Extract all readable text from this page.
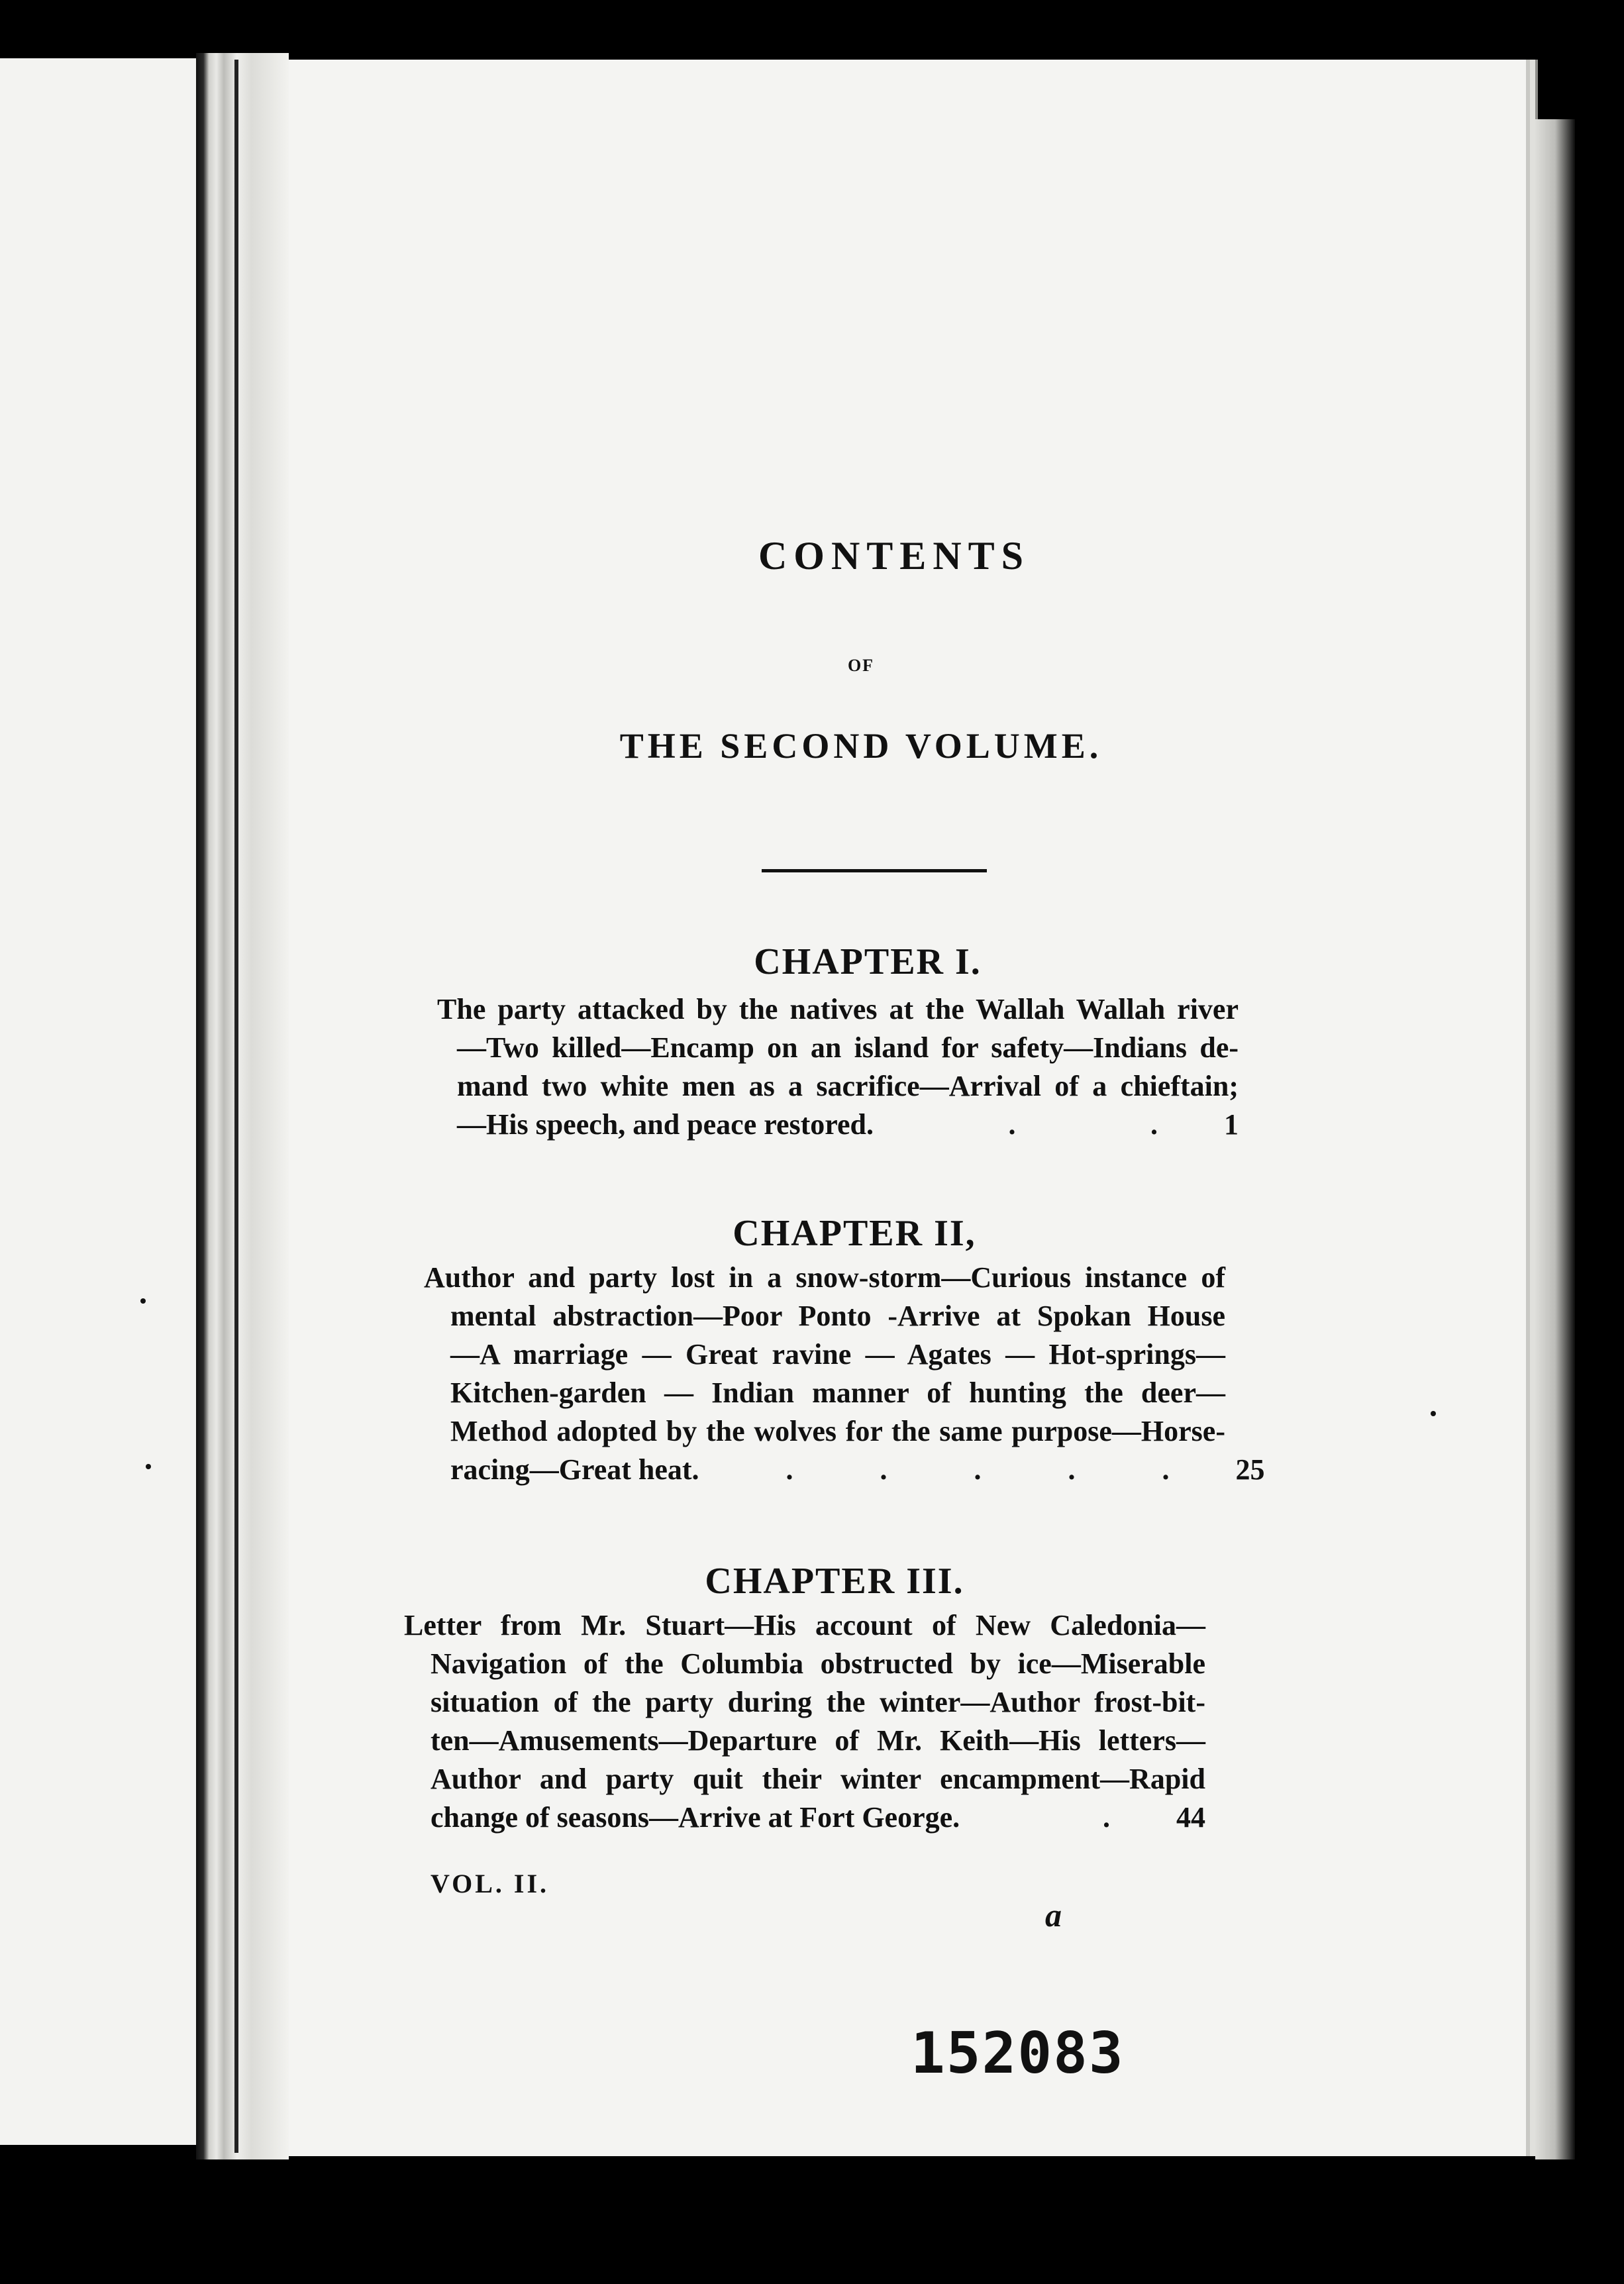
CONTENTS
OF
THE SECOND VOLUME.
CHAPTER I.
The party attacked by the natives at the Wallah Wallah river
—Two killed—Encamp on an island for safety—Indians de-
mand two white men as a sacrifice—Arrival of a chieftain;
—His speech, and peace restored . . . 1
CHAPTER II,
Author and party lost in a snow-storm—Curious instance of
mental abstraction—Poor Ponto -Arrive at Spokan House
—A marriage — Great ravine — Agates — Hot-springs—
Kitchen-garden — Indian manner of hunting the deer—
Method adopted by the wolves for the same purpose—Horse-
racing—Great heat . . . . . . 25
CHAPTER III.
Letter from Mr. Stuart—His account of New Caledonia—
Navigation of the Columbia obstructed by ice—Miserable
situation of the party during the winter—Author frost-bit-
ten—Amusements—Departure of Mr. Keith—His letters—
Author and party quit their winter encampment—Rapid
change of seasons—Arrive at Fort George . . 44
VOL. II.
a
152083
